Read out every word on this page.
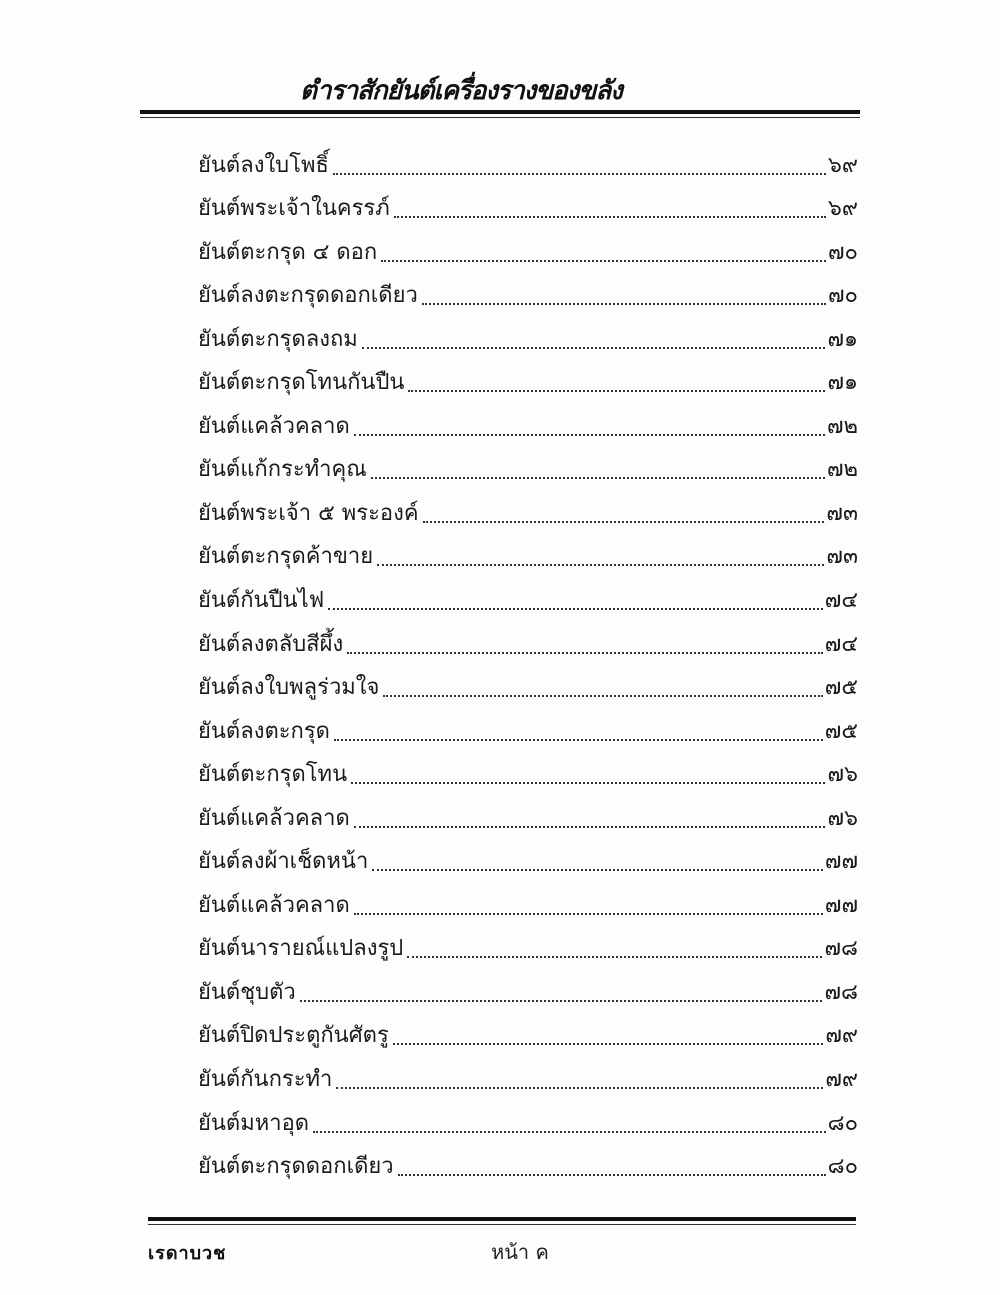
ตำราสักยันต์เครื่องรางของขลัง
ยันต์ลงใบโพธิ์	๖๙
ยันต์พระเจ้าในครรภ์	๖๙
ยันต์ตะกรุด ๔ ดอก	๗๐
ยันต์ลงตะกรุดดอกเดียว	๗๐
ยันต์ตะกรุดลงถม	๗๑
ยันต์ตะกรุดโทนกันปืน	๗๑
ยันต์แคล้วคลาด	๗๒
ยันต์แก้กระทำคุณ	๗๒
ยันต์พระเจ้า ๕ พระองค์	๗๓
ยันต์ตะกรุดค้าขาย	๗๓
ยันต์กันปืนไฟ	๗๔
ยันต์ลงตลับสีผึ้ง	๗๔
ยันต์ลงใบพลูร่วมใจ	๗๕
ยันต์ลงตะกรุด	๗๕
ยันต์ตะกรุดโทน	๗๖
ยันต์แคล้วคลาด	๗๖
ยันต์ลงผ้าเช็ดหน้า	๗๗
ยันต์แคล้วคลาด	๗๗
ยันต์นารายณ์แปลงรูป	๗๘
ยันต์ชุบตัว	๗๘
ยันต์ปิดประตูกันศัตรู	๗๙
ยันต์กันกระทำ	๗๙
ยันต์มหาอุด	๘๐
ยันต์ตะกรุดดอกเดียว	๘๐
เรดาบวช	หน้า ค
